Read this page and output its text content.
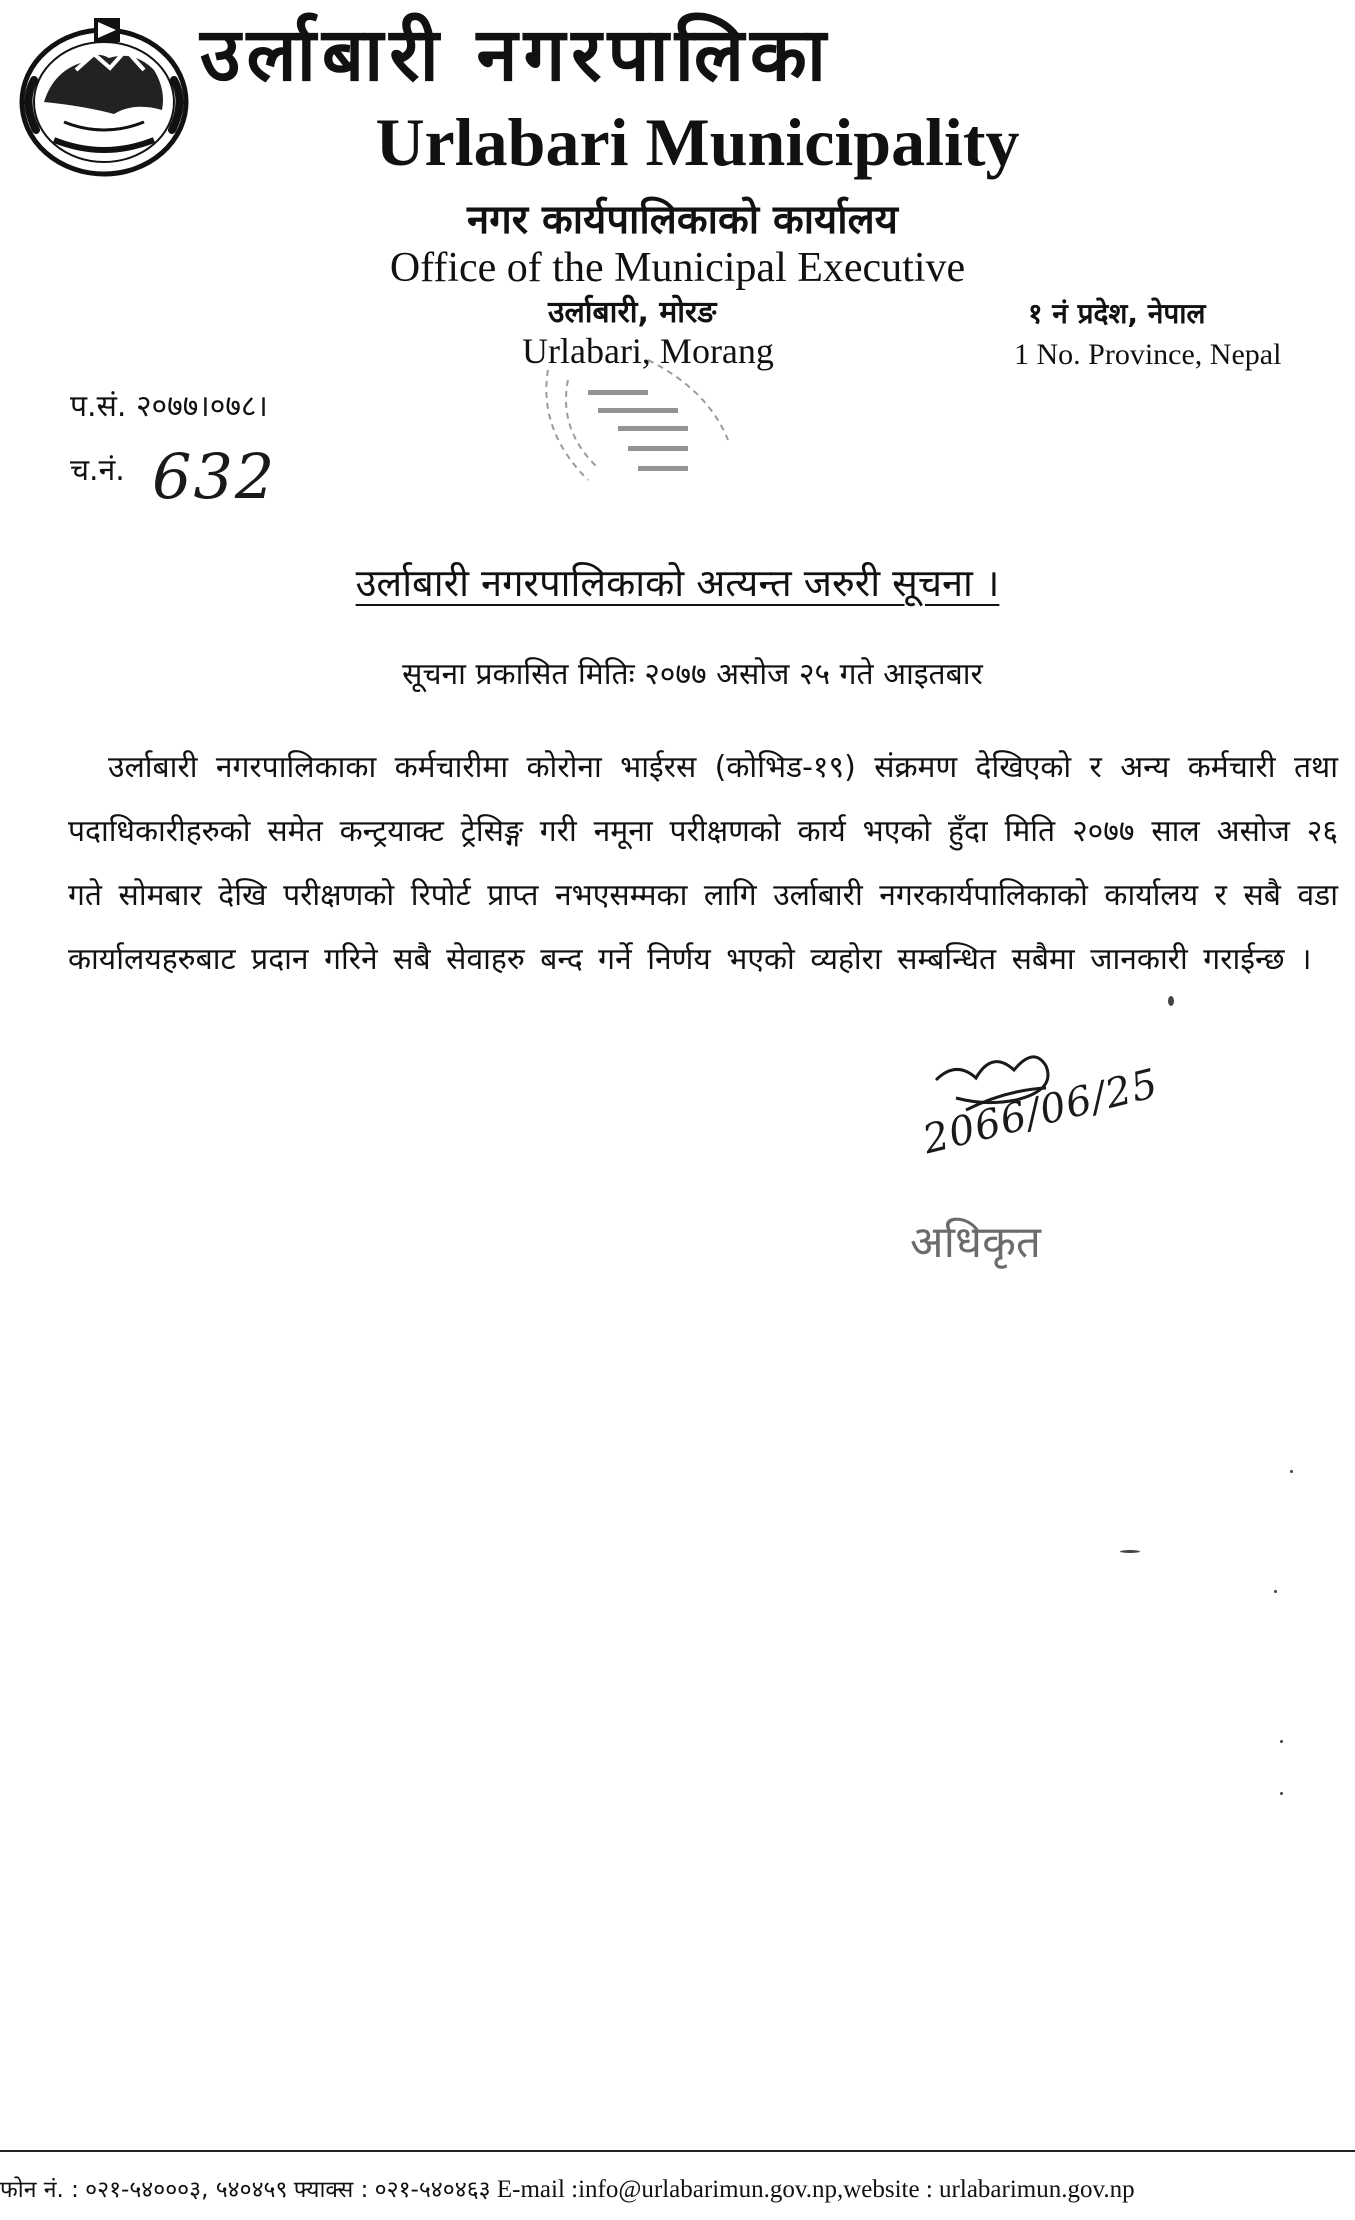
उर्लाबारी नगरपालिका
Urlabari Municipality
नगर कार्यपालिकाको कार्यालय
Office of the Municipal Executive
उर्लाबारी, मोरङ
Urlabari, Morang
१ नं प्रदेश, नेपाल
1 No. Province, Nepal
प.सं. २०७७।०७८।
च.नं. 632
उर्लाबारी नगरपालिकाको अत्यन्त जरुरी सूचना ।
सूचना प्रकासित मितिः २०७७ असोज २५ गते आइतबार
उर्लाबारी नगरपालिकाका कर्मचारीमा कोरोना भाईरस (कोभिड-१९) संक्रमण देखिएको र अन्य कर्मचारी तथा पदाधिकारीहरुको समेत कन्ट्रयाक्ट ट्रेसिङ्ग गरी नमूना परीक्षणको कार्य भएको हुँदा मिति २०७७ साल असोज २६ गते सोमबार देखि परीक्षणको रिपोर्ट प्राप्त नभएसम्मका लागि उर्लाबारी नगरकार्यपालिकाको कार्यालय र सबै वडा कार्यालयहरुबाट प्रदान गरिने सबै सेवाहरु बन्द गर्ने निर्णय भएको व्यहोरा सम्बन्धित सबैमा जानकारी गराईन्छ ।
2066/06/25
अधिकृत
फोन नं. : ०२१-५४०००३, ५४०४५९ फ्याक्स : ०२१-५४०४६३ E-mail :info@urlabarimun.gov.np,website : urlabarimun.gov.np
